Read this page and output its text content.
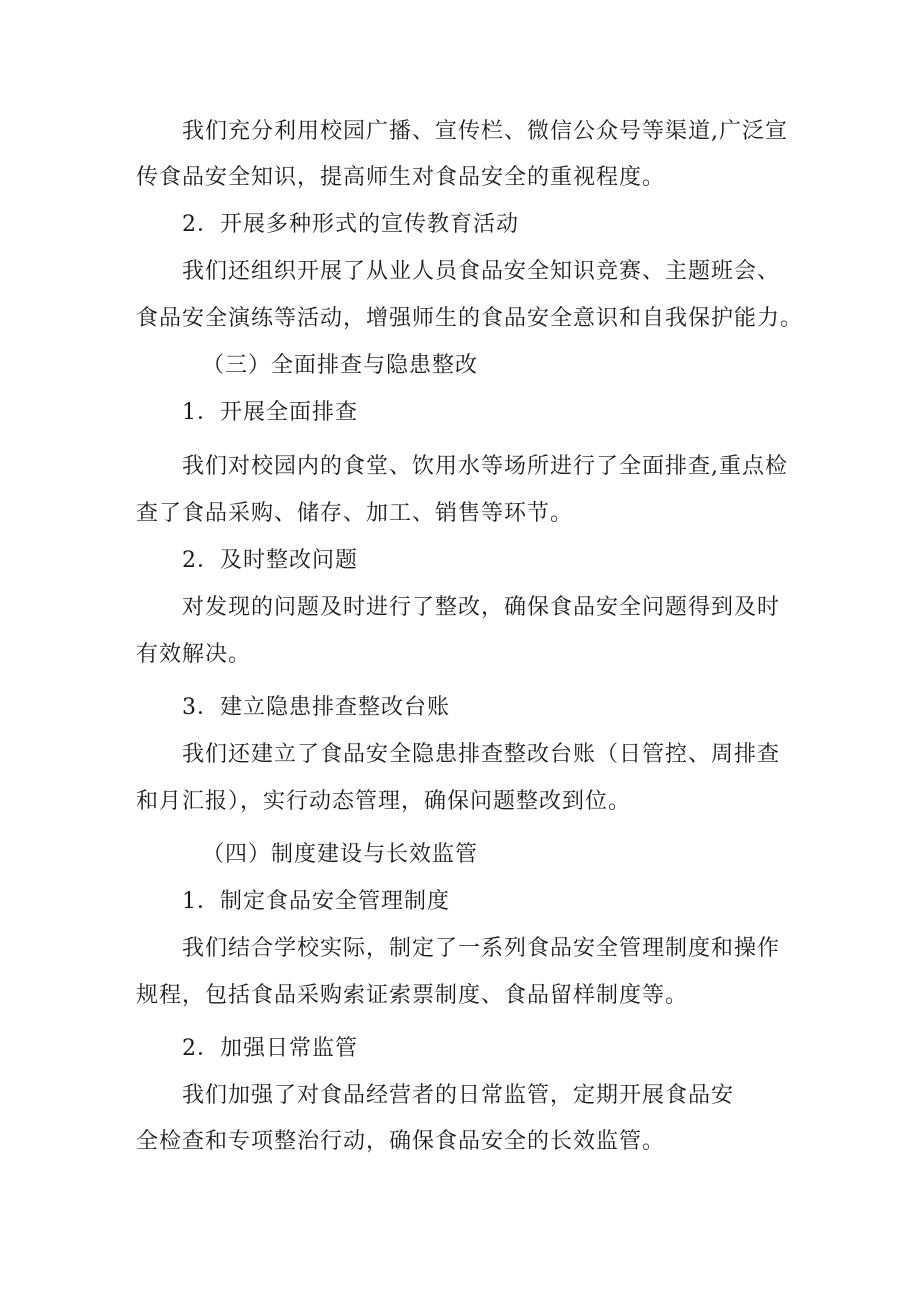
我们充分利用校园广播、宣传栏、微信公众号等渠道,广泛宣
传食品安全知识，提高师生对食品安全的重视程度。
2．开展多种形式的宣传教育活动
我们还组织开展了从业人员食品安全知识竞赛、主题班会、
食品安全演练等活动，增强师生的食品安全意识和自我保护能力。
（三）全面排查与隐患整改
1．开展全面排查
我们对校园内的食堂、饮用水等场所进行了全面排查,重点检
查了食品采购、储存、加工、销售等环节。
2．及时整改问题
对发现的问题及时进行了整改，确保食品安全问题得到及时
有效解决。
3．建立隐患排查整改台账
我们还建立了食品安全隐患排查整改台账（日管控、周排查
和月汇报），实行动态管理，确保问题整改到位。
（四）制度建设与长效监管
1．制定食品安全管理制度
我们结合学校实际，制定了一系列食品安全管理制度和操作
规程，包括食品采购索证索票制度、食品留样制度等。
2．加强日常监管
我们加强了对食品经营者的日常监管，定期开展食品安
全检查和专项整治行动，确保食品安全的长效监管。
